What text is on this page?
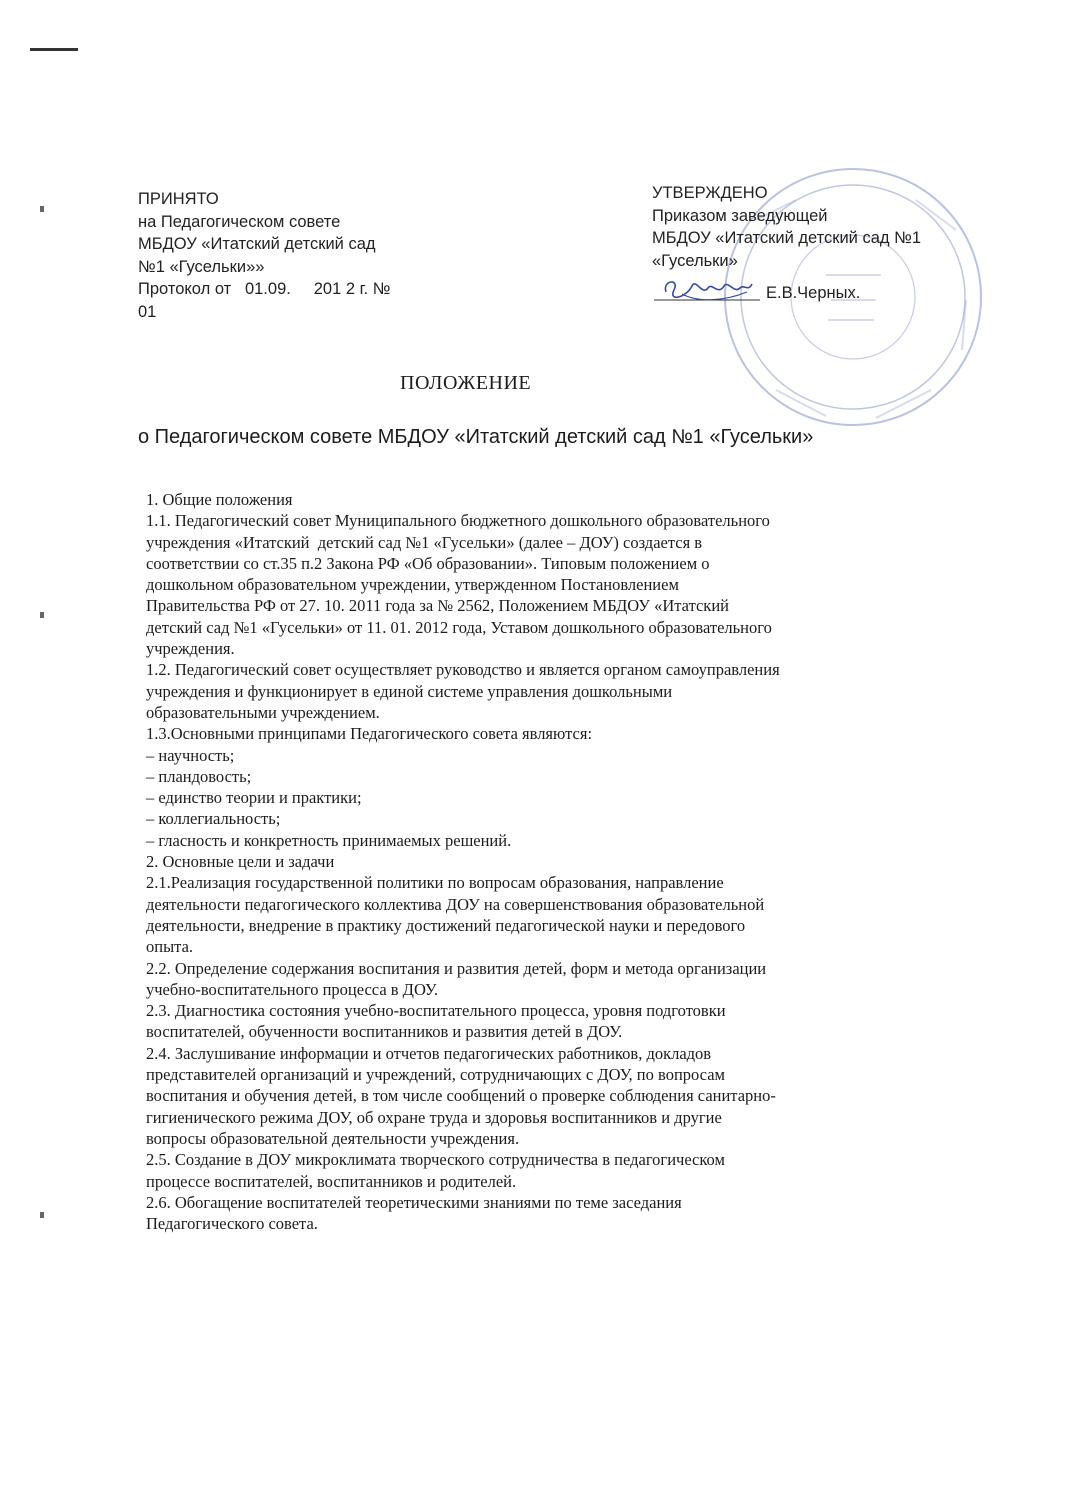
ПРИНЯТО
на Педагогическом совете
МБДОУ «Итатский детский сад
№1 «Гусельки»»
Протокол от   01.09.     201 2 г. №
01
УТВЕРЖДЕНО
Приказом заведующей
МБДОУ «Итатский детский сад №1
«Гусельки»
Е.В.Черных.
ПОЛОЖЕНИЕ
о Педагогическом совете МБДОУ «Итатский детский сад №1 «Гусельки»
1. Общие положения
1.1. Педагогический совет Муниципального бюджетного дошкольного образовательного
учреждения «Итатский  детский сад №1 «Гусельки» (далее – ДОУ) создается в
соответствии со ст.35 п.2 Закона РФ «Об образовании». Типовым положением о
дошкольном образовательном учреждении, утвержденном Постановлением
Правительства РФ от 27. 10. 2011 года за № 2562, Положением МБДОУ «Итатский
детский сад №1 «Гусельки» от 11. 01. 2012 года, Уставом дошкольного образовательного
учреждения.
1.2. Педагогический совет осуществляет руководство и является органом самоуправления
учреждения и функционирует в единой системе управления дошкольными
образовательными учреждением.
1.3.Основными принципами Педагогического совета являются:
– научность;
– пландовость;
– единство теории и практики;
– коллегиальность;
– гласность и конкретность принимаемых решений.
2. Основные цели и задачи
2.1.Реализация государственной политики по вопросам образования, направление
деятельности педагогического коллектива ДОУ на совершенствования образовательной
деятельности, внедрение в практику достижений педагогической науки и передового
опыта.
2.2. Определение содержания воспитания и развития детей, форм и метода организации
учебно-воспитательного процесса в ДОУ.
2.3. Диагностика состояния учебно-воспитательного процесса, уровня подготовки
воспитателей, обученности воспитанников и развития детей в ДОУ.
2.4. Заслушивание информации и отчетов педагогических работников, докладов
представителей организаций и учреждений, сотрудничающих с ДОУ, по вопросам
воспитания и обучения детей, в том числе сообщений о проверке соблюдения санитарно-
гигиенического режима ДОУ, об охране труда и здоровья воспитанников и другие
вопросы образовательной деятельности учреждения.
2.5. Создание в ДОУ микроклимата творческого сотрудничества в педагогическом
процессе воспитателей, воспитанников и родителей.
2.6. Обогащение воспитателей теоретическими знаниями по теме заседания
Педагогического совета.
